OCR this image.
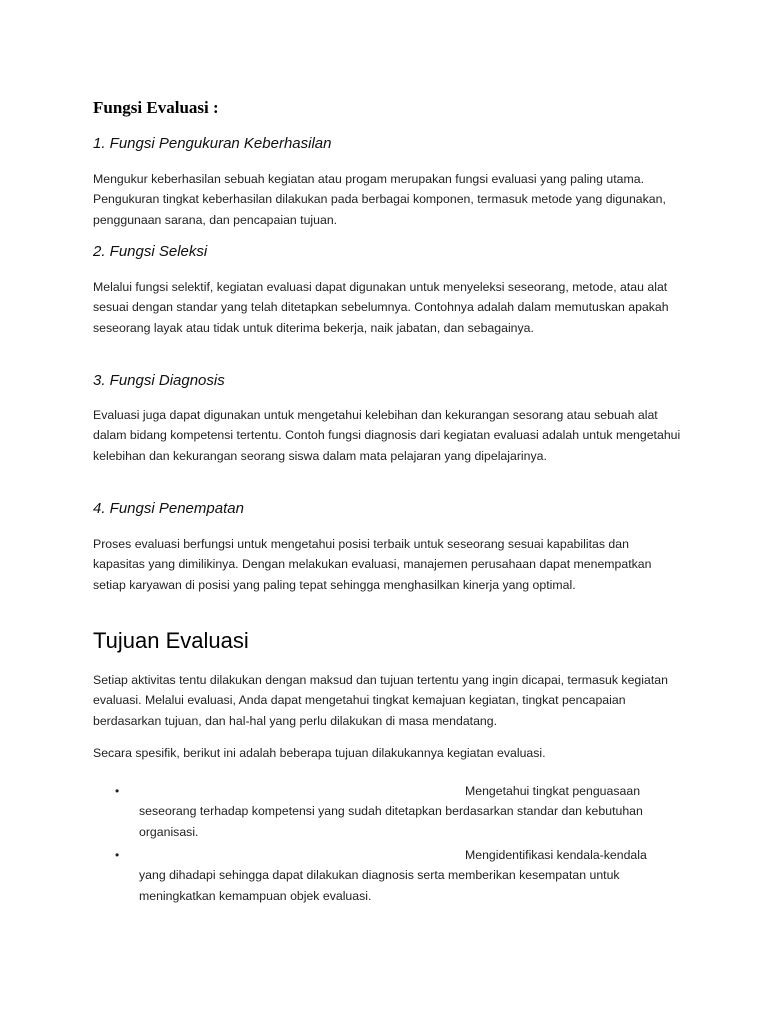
Fungsi Evaluasi :
1. Fungsi Pengukuran Keberhasilan

Mengukur keberhasilan sebuah kegiatan atau progam merupakan fungsi evaluasi yang paling utama. Pengukuran tingkat keberhasilan dilakukan pada berbagai komponen, termasuk metode yang digunakan, penggunaan sarana, dan pencapaian tujuan.

2. Fungsi Seleksi

Melalui fungsi selektif, kegiatan evaluasi dapat digunakan untuk menyeleksi seseorang, metode, atau alat sesuai dengan standar yang telah ditetapkan sebelumnya. Contohnya adalah dalam memutuskan apakah seseorang layak atau tidak untuk diterima bekerja, naik jabatan, dan sebagainya.

3. Fungsi Diagnosis

Evaluasi juga dapat digunakan untuk mengetahui kelebihan dan kekurangan sesorang atau sebuah alat dalam bidang kompetensi tertentu. Contoh fungsi diagnosis dari kegiatan evaluasi adalah untuk mengetahui kelebihan dan kekurangan seorang siswa dalam mata pelajaran yang dipelajarinya.

4. Fungsi Penempatan

Proses evaluasi berfungsi untuk mengetahui posisi terbaik untuk seseorang sesuai kapabilitas dan kapasitas yang dimilikinya. Dengan melakukan evaluasi, manajemen perusahaan dapat menempatkan setiap karyawan di posisi yang paling tepat sehingga menghasilkan kinerja yang optimal.

Tujuan Evaluasi

Setiap aktivitas tentu dilakukan dengan maksud dan tujuan tertentu yang ingin dicapai, termasuk kegiatan evaluasi. Melalui evaluasi, Anda dapat mengetahui tingkat kemajuan kegiatan, tingkat pencapaian berdasarkan tujuan, dan hal-hal yang perlu dilakukan di masa mendatang.

Secara spesifik, berikut ini adalah beberapa tujuan dilakukannya kegiatan evaluasi.

•	Mengetahui tingkat penguasaan
seseorang terhadap kompetensi yang sudah ditetapkan berdasarkan standar dan kebutuhan organisasi.
•	Mengidentifikasi kendala-kendala
yang dihadapi sehingga dapat dilakukan diagnosis serta memberikan kesempatan untuk meningkatkan kemampuan objek evaluasi.
